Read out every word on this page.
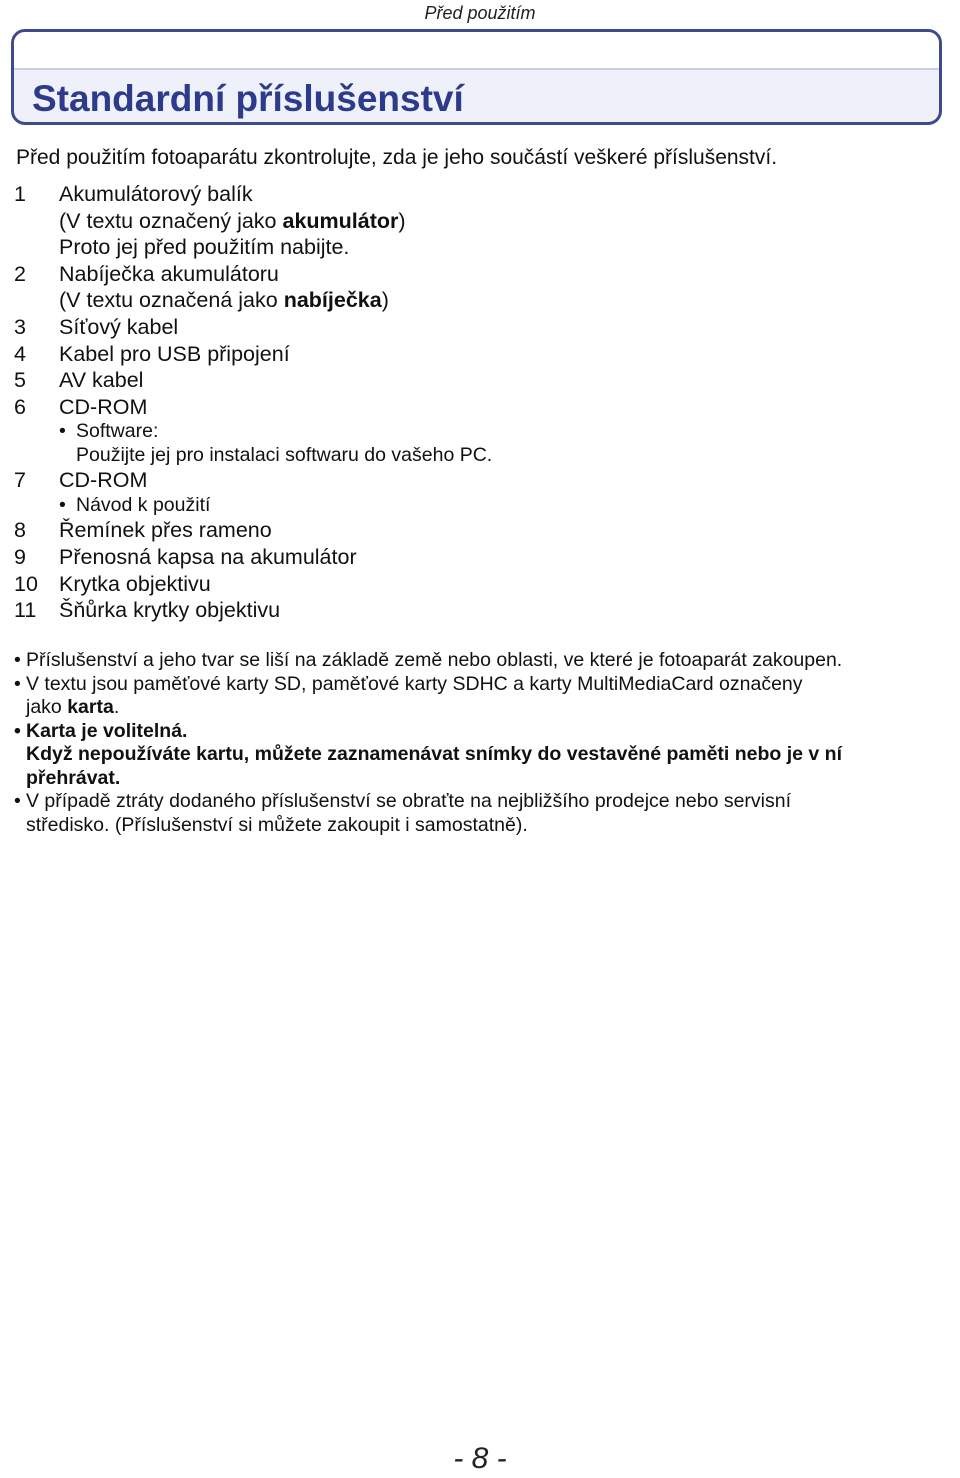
Před použitím
Standardní příslušenství
Před použitím fotoaparátu zkontrolujte, zda je jeho součástí veškeré příslušenství.
1	Akumulátorový balík
(V textu označený jako akumulátor)
Proto jej před použitím nabijte.
2	Nabíječka akumulátoru
(V textu označená jako nabíječka)
3	Síťový kabel
4	Kabel pro USB připojení
5	AV kabel
6	CD-ROM
• Software:
Použijte jej pro instalaci softwaru do vašeho PC.
7	CD-ROM
• Návod k použití
8	Řemínek přes rameno
9	Přenosná kapsa na akumulátor
10 Krytka objektivu
11	Šňůrka krytky objektivu
• Příslušenství a jeho tvar se liší na základě země nebo oblasti, ve které je fotoaparát zakoupen.
• V textu jsou paměťové karty SD, paměťové karty SDHC a karty MultiMediaCard označeny
jako karta.
• Karta je volitelná.
Když nepoužíváte kartu, můžete zaznamenávat snímky do vestavěné paměti nebo je v ní
přehrávat.
• V případě ztráty dodaného příslušenství se obraťte na nejbližšího prodejce nebo servisní
středisko. (Příslušenství si můžete zakoupit i samostatně).
- 8 -
